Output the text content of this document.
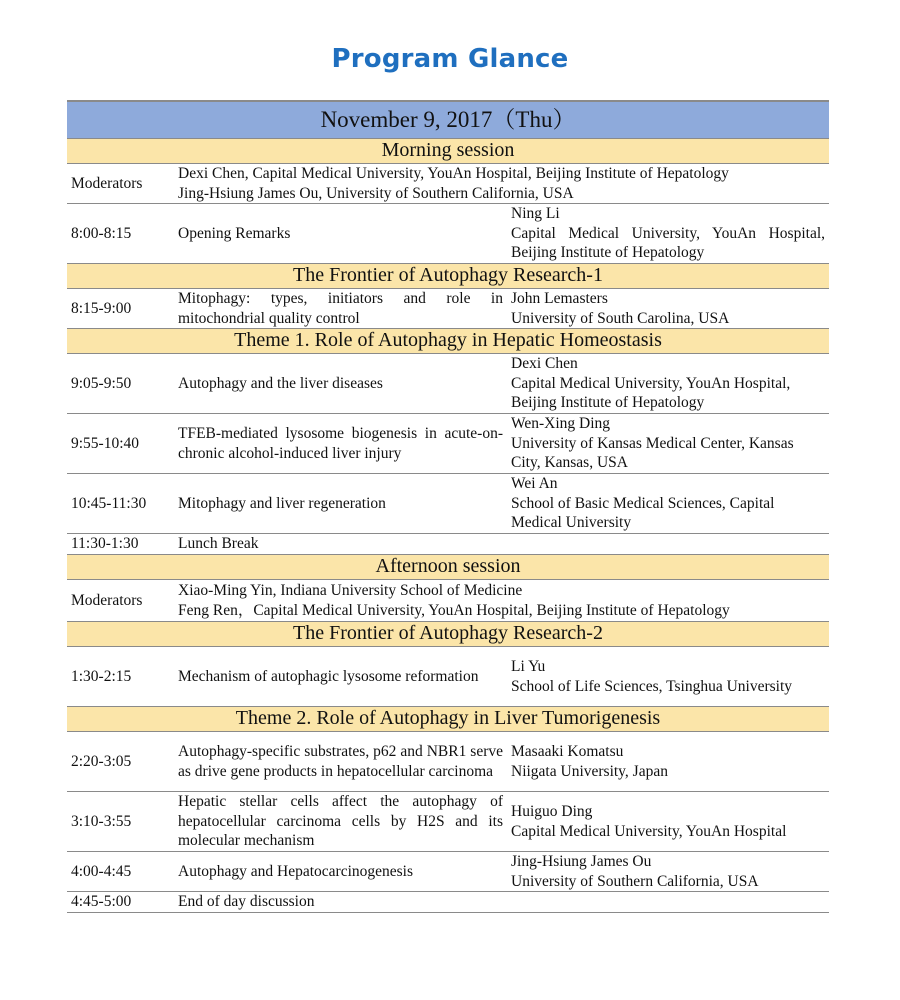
Program Glance
November 9, 2017（Thu）		
Morning session		
Moderators	Dexi Chen, Capital Medical University, YouAn Hospital, Beijing Institute of Hepatology
Jing-Hsiung James Ou, University of Southern California, USA	

8:00-8:15	Opening Remarks	Ning Li
Capital Medical University, YouAn Hospital, Beijing Institute of Hepatology

The Frontier of Autophagy Research-1		
8:15-9:00	Mitophagy: types, initiators and role in mitochondrial quality control	John Lemasters
University of South Carolina, USA

Theme 1. Role of Autophagy in Hepatic Homeostasis		
9:05-9:50	Autophagy and the liver diseases	Dexi Chen
Capital Medical University, YouAn Hospital, Beijing Institute of Hepatology

9:55-10:40	TFEB-mediated lysosome biogenesis in acute-on-chronic alcohol-induced liver injury	Wen-Xing Ding
University of Kansas Medical Center, Kansas City, Kansas, USA

10:45-11:30	Mitophagy and liver regeneration	Wei An
School of Basic Medical Sciences, Capital Medical University

11:30-1:30	Lunch Break	
Afternoon session		
Moderators	Xiao-Ming Yin, Indiana University School of Medicine
Feng Ren，Capital Medical University, YouAn Hospital, Beijing Institute of Hepatology	

The Frontier of Autophagy Research-2		
1:30-2:15	Mechanism of autophagic lysosome reformation	Li Yu
School of Life Sciences, Tsinghua University

Theme 2. Role of Autophagy in Liver Tumorigenesis		
2:20-3:05	Autophagy-specific substrates, p62 and NBR1 serve as drive gene products in hepatocellular carcinoma	Masaaki Komatsu
Niigata University, Japan

3:10-3:55	Hepatic stellar cells affect the autophagy of hepatocellular carcinoma cells by H2S and its molecular mechanism	Huiguo Ding
Capital Medical University, YouAn Hospital

4:00-4:45	Autophagy and Hepatocarcinogenesis	Jing-Hsiung James Ou
University of Southern California, USA

4:45-5:00	End of day discussion	
